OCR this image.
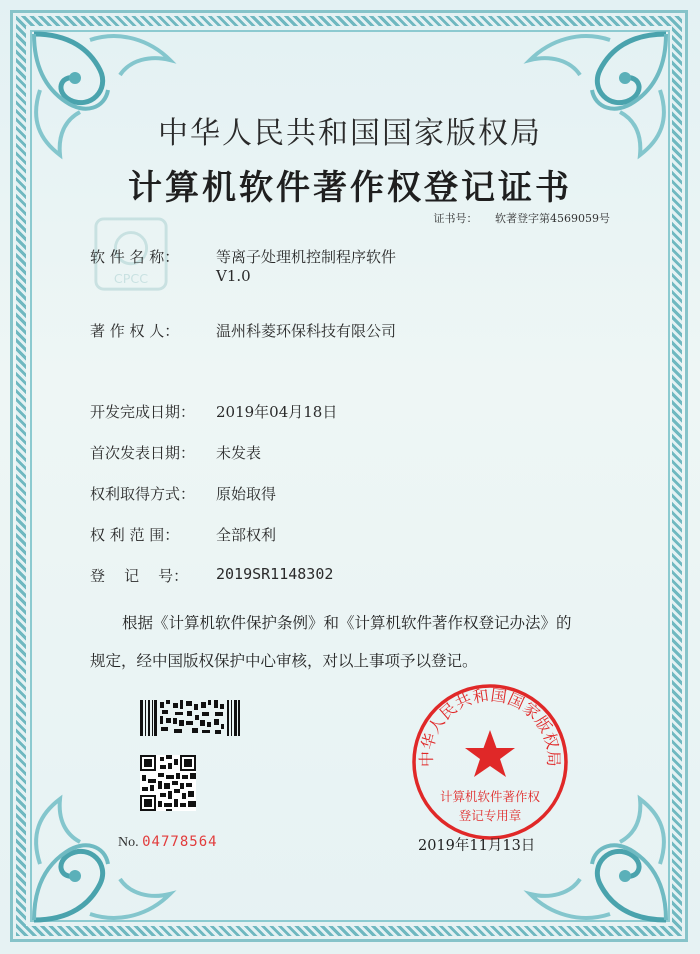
中华人民共和国国家版权局
计算机软件著作权登记证书
证书号： 软著登字第4569059号
CPCC
软 件 名 称： 等离子处理机控制程序软件
V1.0
著 作 权 人： 温州科菱环保科技有限公司
开发完成日期： 2019年04月18日
首次发表日期： 未发表
权利取得方式： 原始取得
权 利 范 围： 全部权利
登    记    号： 2019SR1148302
根据《计算机软件保护条例》和《计算机软件著作权登记办法》的
规定，经中国版权保护中心审核，对以上事项予以登记。
No. 04778564
中华人民共和国国家版权局
计算机软件著作权
登记专用章
2019年11月13日
